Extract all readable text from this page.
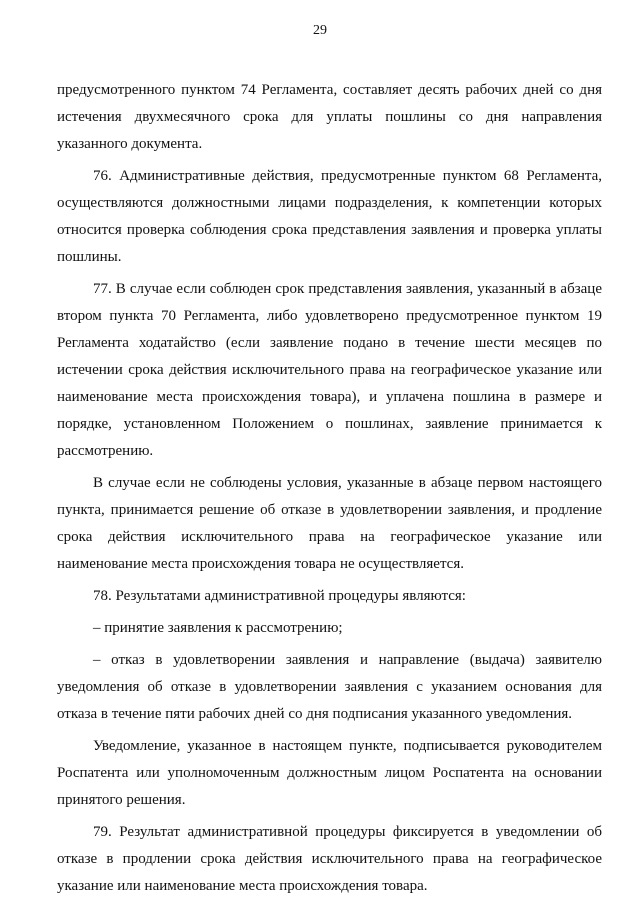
29

предусмотренного пунктом 74 Регламента, составляет десять рабочих дней со дня истечения двухмесячного срока для уплаты пошлины со дня направления указанного документа.

76. Административные действия, предусмотренные пунктом 68 Регламента, осуществляются должностными лицами подразделения, к компетенции которых относится проверка соблюдения срока представления заявления и проверка уплаты пошлины.

77. В случае если соблюден срок представления заявления, указанный в абзаце втором пункта 70 Регламента, либо удовлетворено предусмотренное пунктом 19 Регламента ходатайство (если заявление подано в течение шести месяцев по истечении срока действия исключительного права на географическое указание или наименование места происхождения товара), и уплачена пошлина в размере и порядке, установленном Положением о пошлинах, заявление принимается к рассмотрению.

В случае если не соблюдены условия, указанные в абзаце первом настоящего пункта, принимается решение об отказе в удовлетворении заявления, и продление срока действия исключительного права на географическое указание или наименование места происхождения товара не осуществляется.

78. Результатами административной процедуры являются:

– принятие заявления к рассмотрению;

– отказ в удовлетворении заявления и направление (выдача) заявителю уведомления об отказе в удовлетворении заявления с указанием основания для отказа в течение пяти рабочих дней со дня подписания указанного уведомления.

Уведомление, указанное в настоящем пункте, подписывается руководителем Роспатента или уполномоченным должностным лицом Роспатента на основании принятого решения.

79. Результат административной процедуры фиксируется в уведомлении об отказе в продлении срока действия исключительного права на географическое указание или наименование места происхождения товара.
